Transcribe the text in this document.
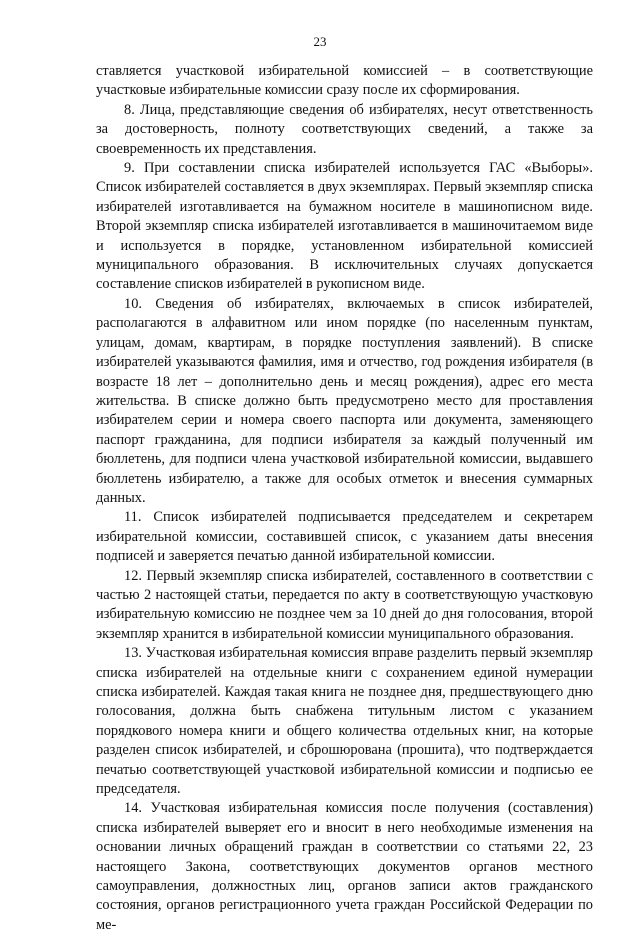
23

ставляется участковой избирательной комиссией – в соответствующие участковые избирательные комиссии сразу после их сформирования.

8. Лица, представляющие сведения об избирателях, несут ответственность за достоверность, полноту соответствующих сведений, а также за своевременность их представления.

9. При составлении списка избирателей используется ГАС «Выборы». Список избирателей составляется в двух экземплярах. Первый экземпляр списка избирателей изготавливается на бумажном носителе в машинописном виде. Второй экземпляр списка избирателей изготавливается в машиночитаемом виде и используется в порядке, установленном избирательной комиссией муниципального образования. В исключительных случаях допускается составление списков избирателей в рукописном виде.

10. Сведения об избирателях, включаемых в список избирателей, располагаются в алфавитном или ином порядке (по населенным пунктам, улицам, домам, квартирам, в порядке поступления заявлений). В списке избирателей указываются фамилия, имя и отчество, год рождения избирателя (в возрасте 18 лет – дополнительно день и месяц рождения), адрес его места жительства. В списке должно быть предусмотрено место для проставления избирателем серии и номера своего паспорта или документа, заменяющего паспорт гражданина, для подписи избирателя за каждый полученный им бюллетень, для подписи члена участковой избирательной комиссии, выдавшего бюллетень избирателю, а также для особых отметок и внесения суммарных данных.

11. Список избирателей подписывается председателем и секретарем избирательной комиссии, составившей список, с указанием даты внесения подписей и заверяется печатью данной избирательной комиссии.

12. Первый экземпляр списка избирателей, составленного в соответствии с частью 2 настоящей статьи, передается по акту в соответствующую участковую избирательную комиссию не позднее чем за 10 дней до дня голосования, второй экземпляр хранится в избирательной комиссии муниципального образования.

13. Участковая избирательная комиссия вправе разделить первый экземпляр списка избирателей на отдельные книги с сохранением единой нумерации списка избирателей. Каждая такая книга не позднее дня, предшествующего дню голосования, должна быть снабжена титульным листом с указанием порядкового номера книги и общего количества отдельных книг, на которые разделен список избирателей, и сброшюрована (прошита), что подтверждается печатью соответствующей участковой избирательной комиссии и подписью ее председателя.

14. Участковая избирательная комиссия после получения (составления) списка избирателей выверяет его и вносит в него необходимые изменения на основании личных обращений граждан в соответствии со статьями 22, 23 настоящего Закона, соответствующих документов органов местного самоуправления, должностных лиц, органов записи актов гражданского состояния, органов регистрационного учета граждан Российской Федерации по ме-
